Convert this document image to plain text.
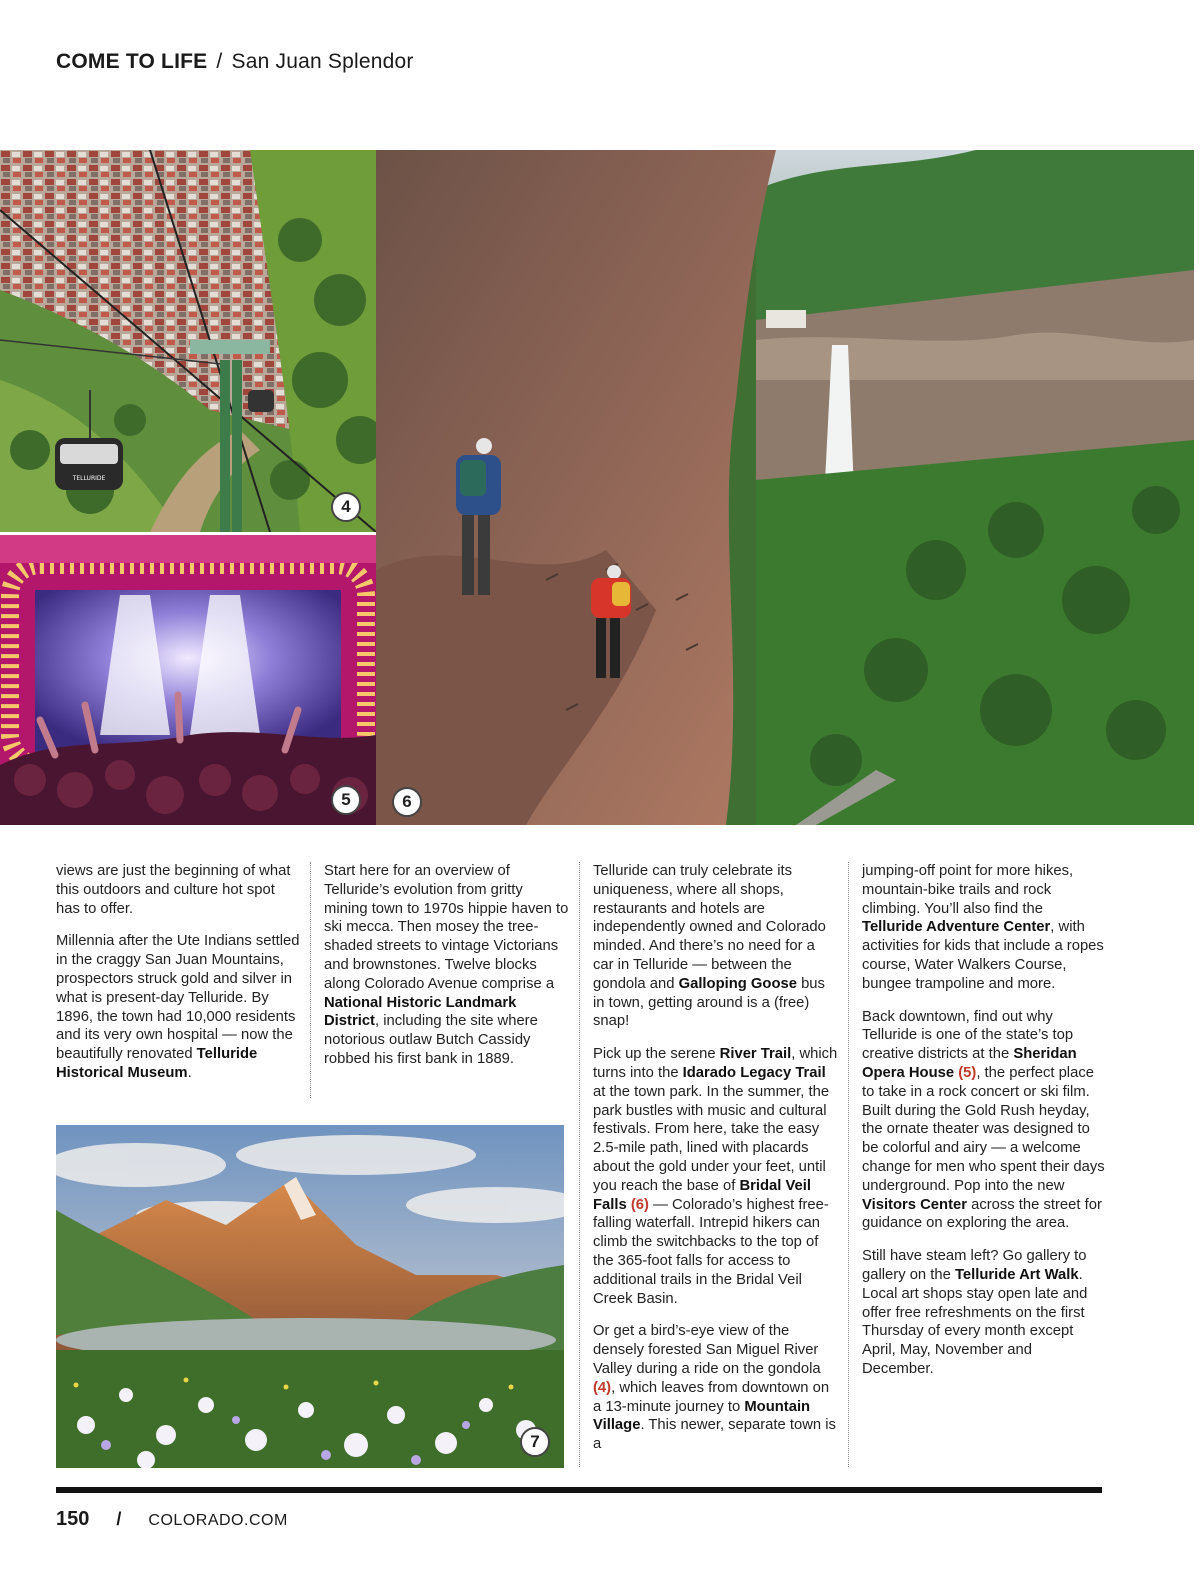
COME TO LIFE / San Juan Splendor
TELLURIDE
4
5	6

views are just the beginning of what this outdoors and culture hot spot has to offer.

Millennia after the Ute Indians settled in the craggy San Juan Mountains, prospectors struck gold and silver in what is present-day Telluride. By 1896, the town had 10,000 residents and its very own hospital — now the beautifully renovated Telluride Historical Museum.

Start here for an overview of Telluride’s evolution from gritty mining town to 1970s hippie haven to ski mecca. Then mosey the tree-shaded streets to vintage Victorians and brownstones. Twelve blocks along Colorado Avenue comprise a National Historic Landmark District, including the site where notorious outlaw Butch Cassidy robbed his first bank in 1889.

Telluride can truly celebrate its uniqueness, where all shops, restaurants and hotels are independently owned and Colorado minded. And there’s no need for a car in Telluride — between the gondola and Galloping Goose bus in town, getting around is a (free) snap!

Pick up the serene River Trail, which turns into the Idarado Legacy Trail at the town park. In the summer, the park bustles with music and cultural festivals. From here, take the easy 2.5-mile path, lined with placards about the gold under your feet, until you reach the base of Bridal Veil Falls (6) — Colorado’s highest free-falling waterfall. Intrepid hikers can climb the switchbacks to the top of the 365-foot falls for access to additional trails in the Bridal Veil Creek Basin.

Or get a bird’s-eye view of the densely forested San Miguel River Valley during a ride on the gondola (4), which leaves from downtown on a 13-minute journey to Mountain Village. This newer, separate town is a

jumping-off point for more hikes, mountain-bike trails and rock climbing. You’ll also find the Telluride Adventure Center, with activities for kids that include a ropes course, Water Walkers Course, bungee trampoline and more.

Back downtown, find out why Telluride is one of the state’s top creative districts at the Sheridan Opera House (5), the perfect place to take in a rock concert or ski film. Built during the Gold Rush heyday, the ornate theater was designed to be colorful and airy — a welcome change for men who spent their days underground. Pop into the new Visitors Center across the street for guidance on exploring the area.

Still have steam left? Go gallery to gallery on the Telluride Art Walk. Local art shops stay open late and offer free refreshments on the first Thursday of every month except April, May, November and December.

7
150 / COLORADO.COM
